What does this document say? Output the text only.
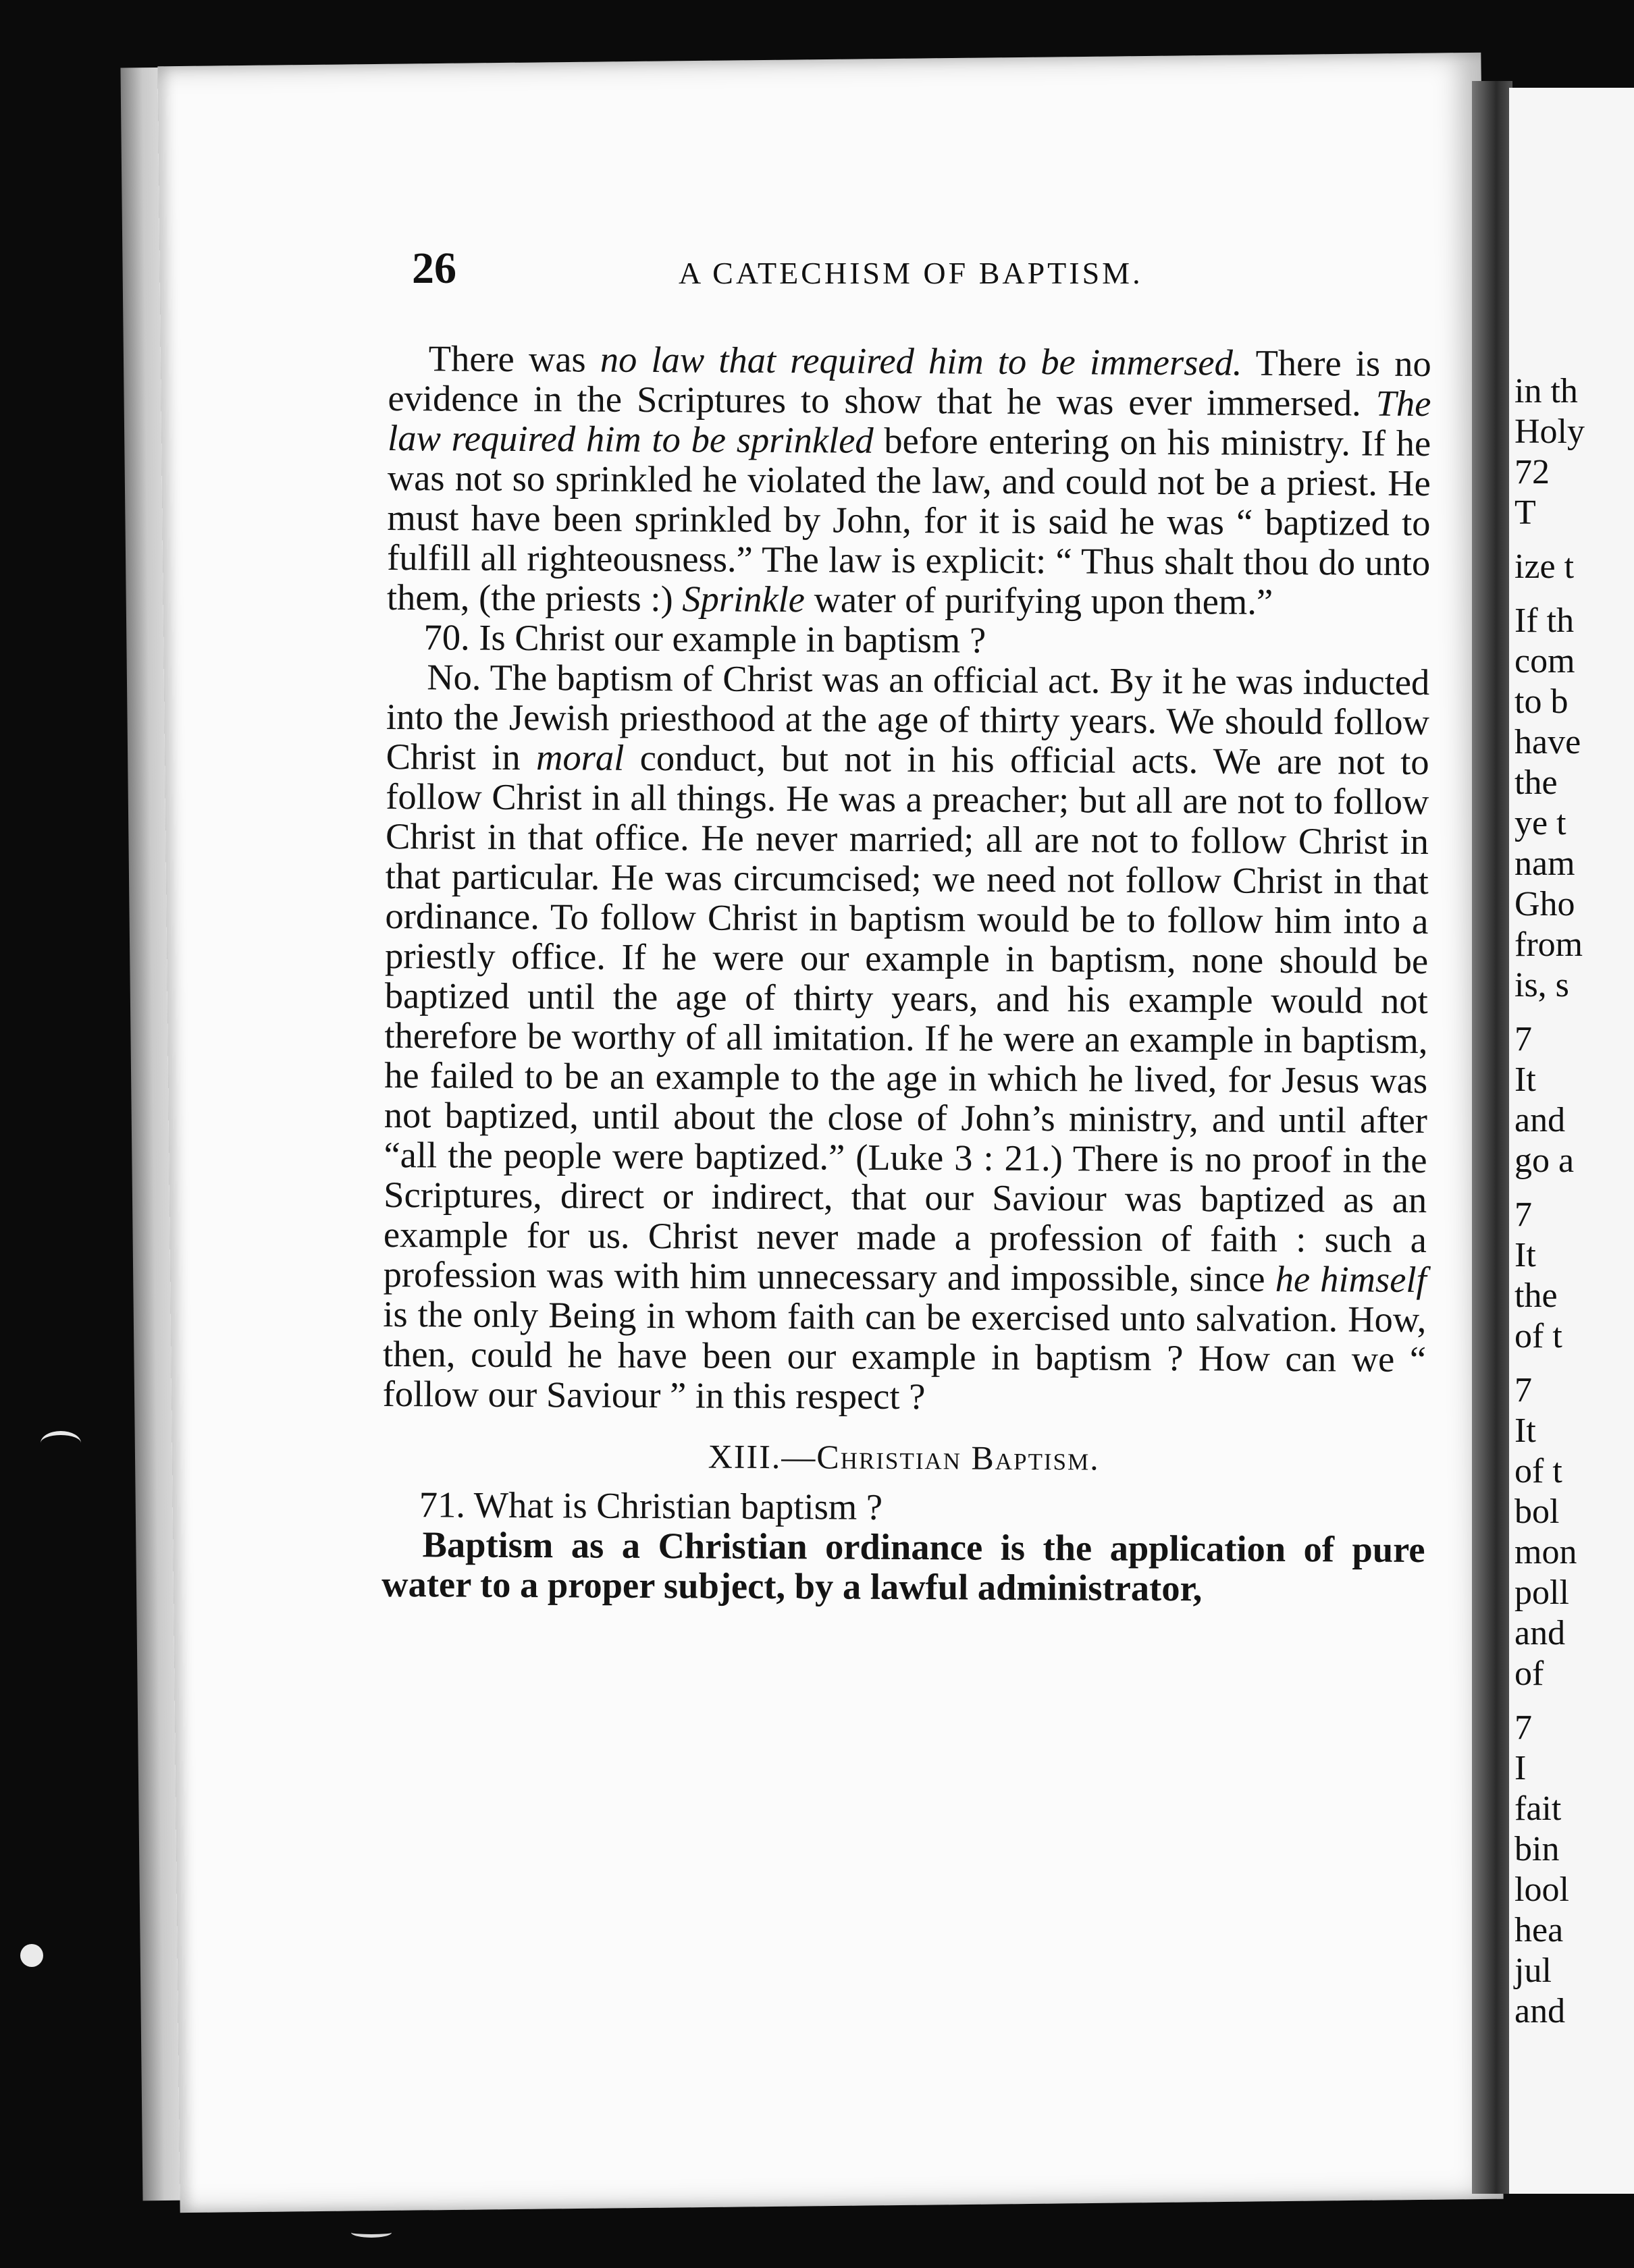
in th
Holy
72
T
ize t
If th
com
to b
have
the
ye t
nam
Gho
from
is, s
7
It
and
go a
7
It
the
of t
7
It
of t
bol
mon
poll
and
of
7
I
fait
bin
lool
hea
jul
and
26	A CATECHISM OF BAPTISM.

There was no law that required him to be immersed. There is no evidence in the Scriptures to show that he was ever immersed. The law required him to be sprinkled before entering on his ministry. If he was not so sprinkled he violated the law, and could not be a priest. He must have been sprinkled by John, for it is said he was “ baptized to fulfill all righteousness.” The law is explicit: “ Thus shalt thou do unto them, (the priests :) Sprinkle water of purifying upon them.”

70. Is Christ our example in baptism ?

No. The baptism of Christ was an official act. By it he was inducted into the Jewish priesthood at the age of thirty years. We should follow Christ in moral conduct, but not in his official acts. We are not to follow Christ in all things. He was a preacher; but all are not to follow Christ in that office. He never married; all are not to follow Christ in that particular. He was circumcised; we need not follow Christ in that ordinance. To follow Christ in baptism would be to follow him into a priestly office. If he were our example in baptism, none should be baptized until the age of thirty years, and his example would not therefore be worthy of all imitation. If he were an example in baptism, he failed to be an example to the age in which he lived, for Jesus was not baptized, until about the close of John’s ministry, and until after “all the people were baptized.” (Luke 3 : 21.) There is no proof in the Scriptures, direct or indirect, that our Saviour was baptized as an example for us. Christ never made a profession of faith : such a profession was with him unnecessary and impossible, since he himself is the only Being in whom faith can be exercised unto salvation. How, then, could he have been our example in baptism ? How can we “ follow our Saviour ” in this respect ?

XIII.—Christian Baptism.

71. What is Christian baptism ?

Baptism as a Christian ordinance is the application of pure water to a proper subject, by a lawful administrator,
